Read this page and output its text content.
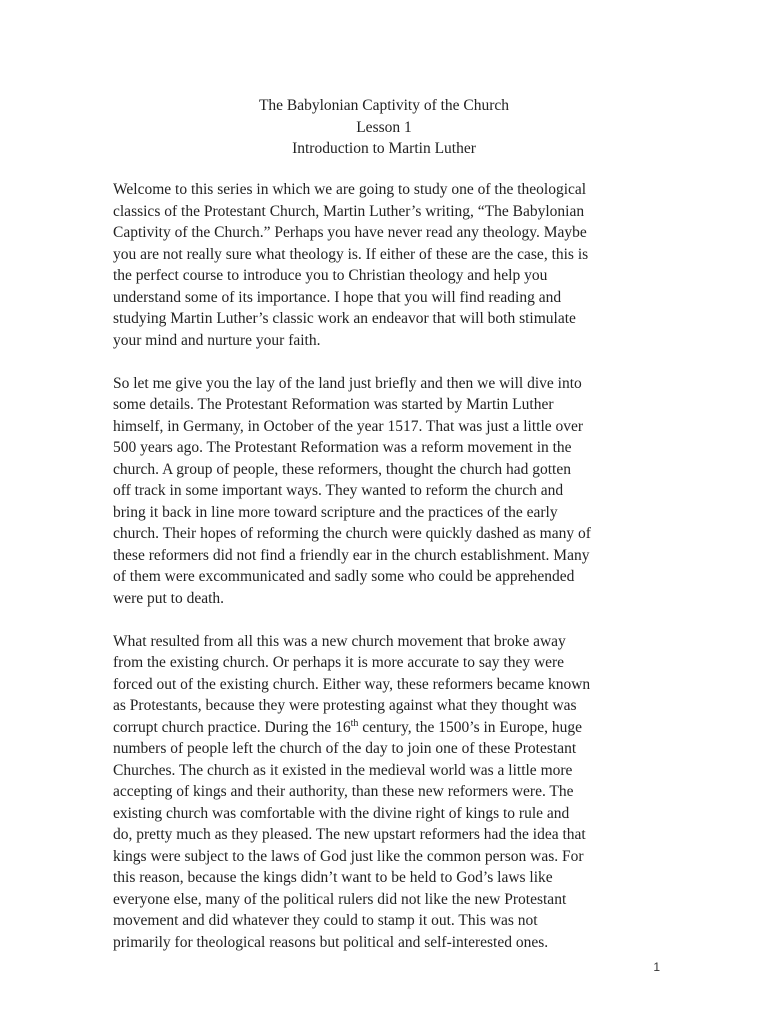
The Babylonian Captivity of the Church
Lesson 1
Introduction to Martin Luther

Welcome to this series in which we are going to study one of the theological
classics of the Protestant Church, Martin Luther’s writing, “The Babylonian
Captivity of the Church.” Perhaps you have never read any theology. Maybe
you are not really sure what theology is. If either of these are the case, this is
the perfect course to introduce you to Christian theology and help you
understand some of its importance. I hope that you will find reading and
studying Martin Luther’s classic work an endeavor that will both stimulate
your mind and nurture your faith.

So let me give you the lay of the land just briefly and then we will dive into
some details. The Protestant Reformation was started by Martin Luther
himself, in Germany, in October of the year 1517. That was just a little over
500 years ago. The Protestant Reformation was a reform movement in the
church. A group of people, these reformers, thought the church had gotten
off track in some important ways. They wanted to reform the church and
bring it back in line more toward scripture and the practices of the early
church. Their hopes of reforming the church were quickly dashed as many of
these reformers did not find a friendly ear in the church establishment. Many
of them were excommunicated and sadly some who could be apprehended
were put to death.

What resulted from all this was a new church movement that broke away
from the existing church. Or perhaps it is more accurate to say they were
forced out of the existing church. Either way, these reformers became known
as Protestants, because they were protesting against what they thought was
corrupt church practice. During the 16th century, the 1500’s in Europe, huge
numbers of people left the church of the day to join one of these Protestant
Churches. The church as it existed in the medieval world was a little more
accepting of kings and their authority, than these new reformers were. The
existing church was comfortable with the divine right of kings to rule and
do, pretty much as they pleased. The new upstart reformers had the idea that
kings were subject to the laws of God just like the common person was. For
this reason, because the kings didn’t want to be held to God’s laws like
everyone else, many of the political rulers did not like the new Protestant
movement and did whatever they could to stamp it out. This was not
primarily for theological reasons but political and self-interested ones.

1
